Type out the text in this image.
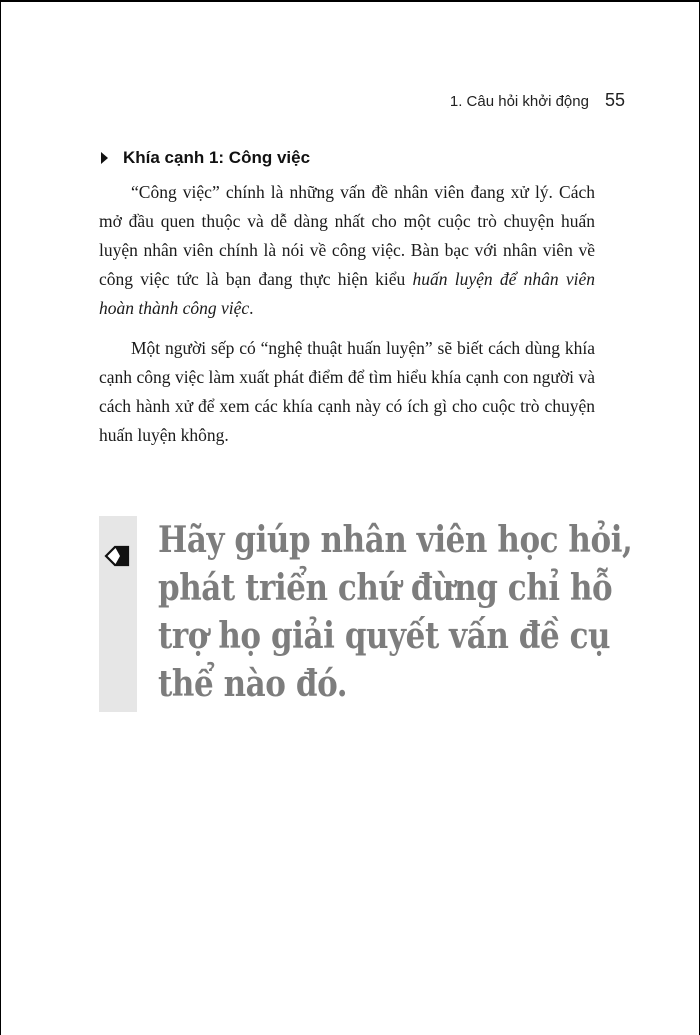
1. Câu hỏi khởi động 55
Khía cạnh 1: Công việc

“Công việc” chính là những vấn đề nhân viên đang xử lý. Cách mở đầu quen thuộc và dễ dàng nhất cho một cuộc trò chuyện huấn luyện nhân viên chính là nói về công việc. Bàn bạc với nhân viên về công việc tức là bạn đang thực hiện kiểu huấn luyện để nhân viên hoàn thành công việc.

Một người sếp có “nghệ thuật huấn luyện” sẽ biết cách dùng khía cạnh công việc làm xuất phát điểm để tìm hiểu khía cạnh con người và cách hành xử để xem các khía cạnh này có ích gì cho cuộc trò chuyện huấn luyện không.

Hãy giúp nhân viên học hỏi,
phát triển chứ đừng chỉ hỗ
trợ họ giải quyết vấn đề cụ
thể nào đó.
